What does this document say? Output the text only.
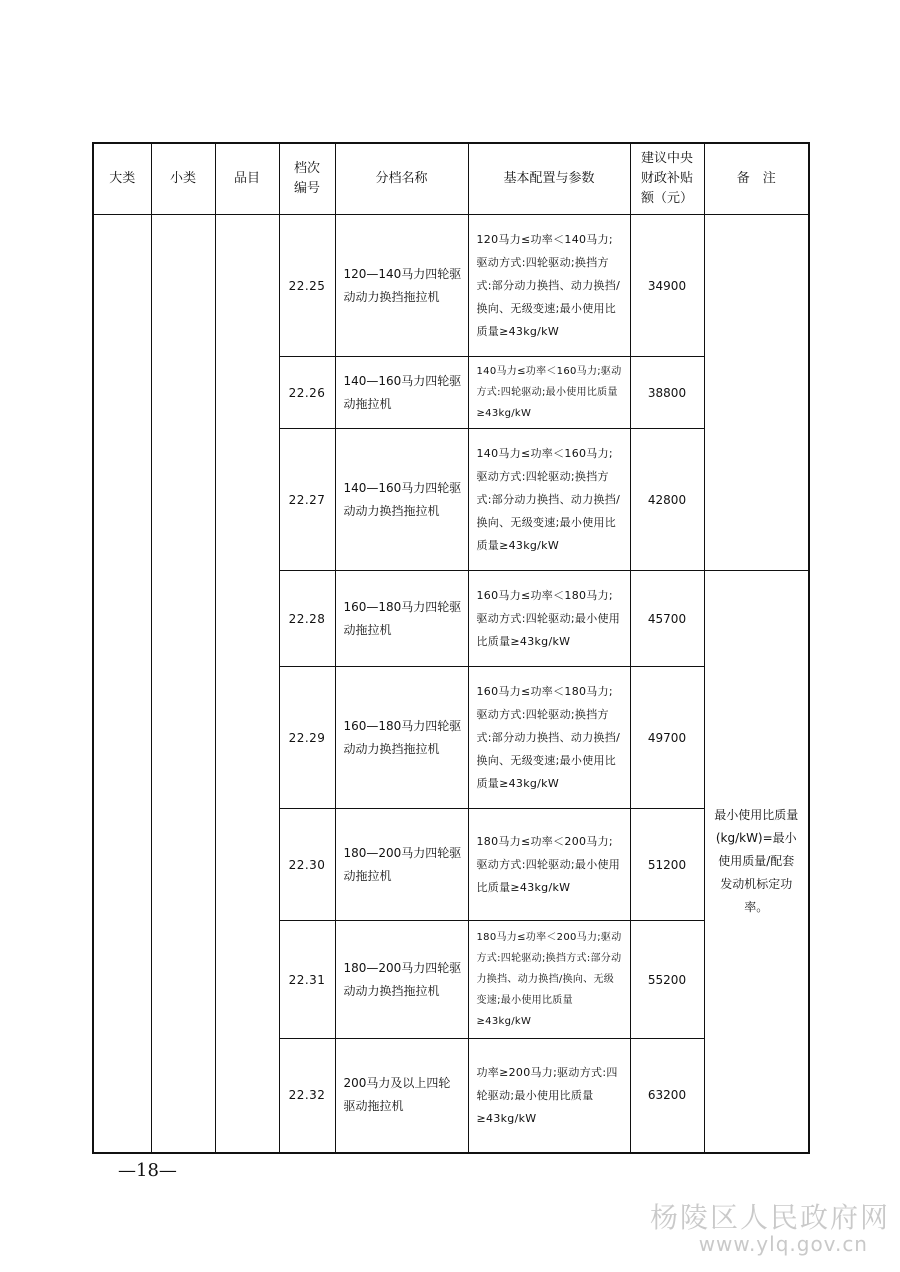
大类	小类	品目	档次编号	分档名称	基本配置与参数	建议中央财政补贴额（元）	备　注
			22.25	120—140马力四轮驱动动力换挡拖拉机	120马力≤功率＜140马力;驱动方式:四轮驱动;换挡方式:部分动力换挡、动力换挡/换向、无级变速;最小使用比质量≥43kg/kW	34900	
			22.26	140—160马力四轮驱动拖拉机	140马力≤功率＜160马力;驱动方式:四轮驱动;最小使用比质量≥43kg/kW	38800	
			22.27	140—160马力四轮驱动动力换挡拖拉机	140马力≤功率＜160马力;驱动方式:四轮驱动;换挡方式:部分动力换挡、动力换挡/换向、无级变速;最小使用比质量≥43kg/kW	42800	
			22.28	160—180马力四轮驱动拖拉机	160马力≤功率＜180马力;驱动方式:四轮驱动;最小使用比质量≥43kg/kW	45700	最小使用比质量(kg/kW)=最小使用质量/配套发动机标定功率。
			22.29	160—180马力四轮驱动动力换挡拖拉机	160马力≤功率＜180马力;驱动方式:四轮驱动;换挡方式:部分动力换挡、动力换挡/换向、无级变速;最小使用比质量≥43kg/kW	49700	
			22.30	180—200马力四轮驱动拖拉机	180马力≤功率＜200马力;驱动方式:四轮驱动;最小使用比质量≥43kg/kW	51200	
			22.31	180—200马力四轮驱动动力换挡拖拉机	180马力≤功率＜200马力;驱动方式:四轮驱动;换挡方式:部分动力换挡、动力换挡/换向、无级变速;最小使用比质量≥43kg/kW	55200	
			22.32	200马力及以上四轮驱动拖拉机	功率≥200马力;驱动方式:四轮驱动;最小使用比质量≥43kg/kW	63200	
—18—
杨陵区人民政府网
www.ylq.gov.cn
